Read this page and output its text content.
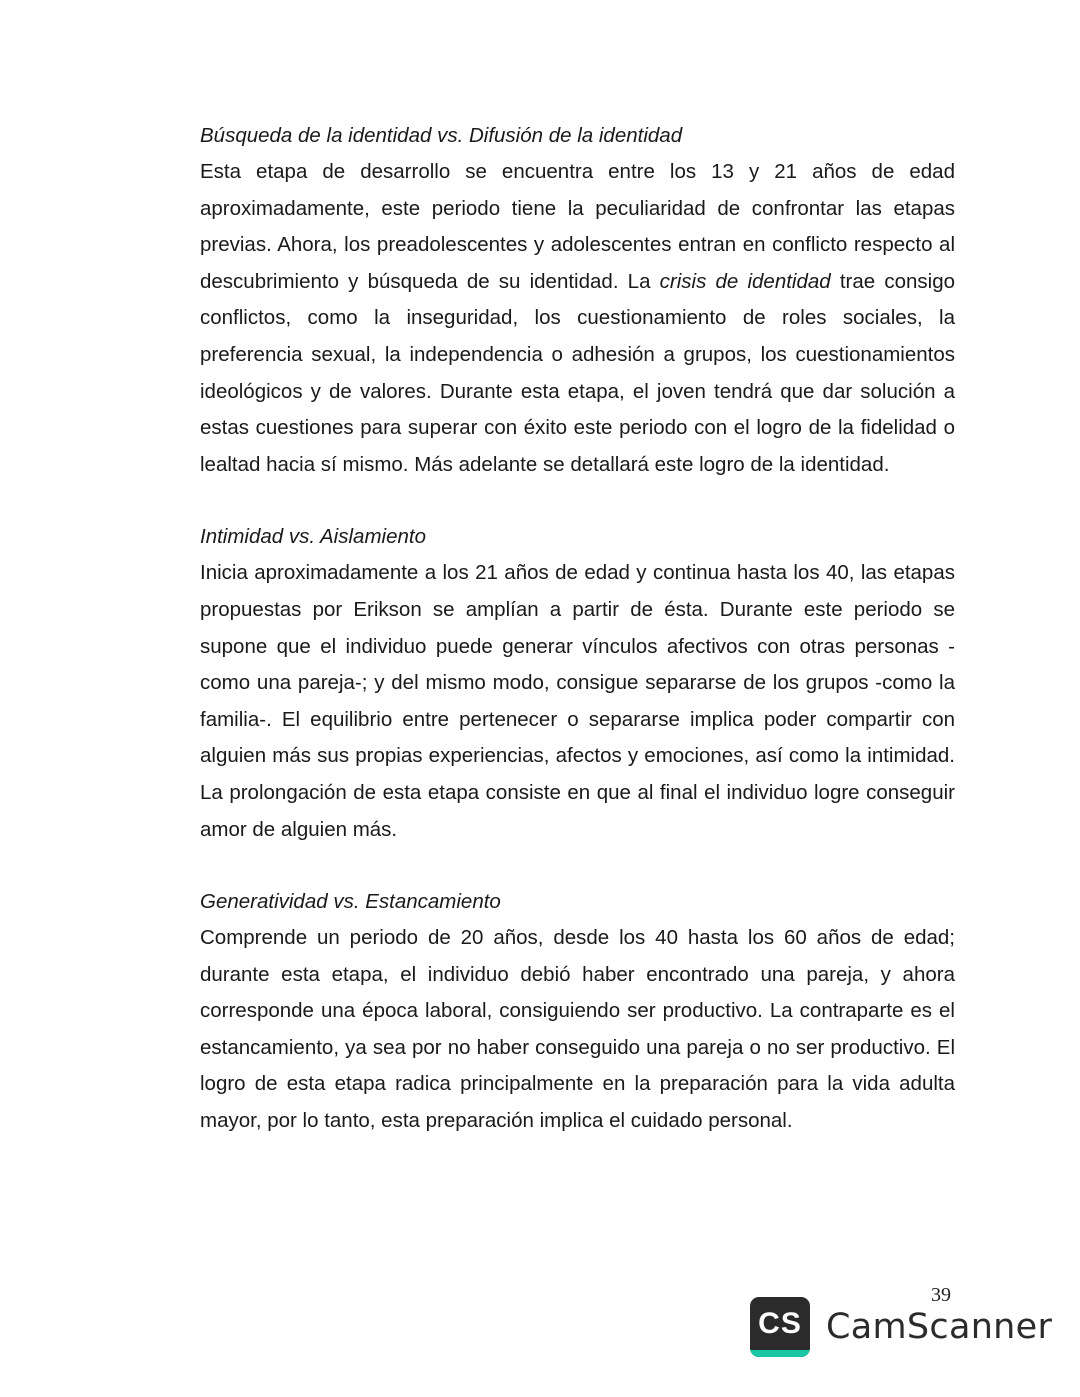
Búsqueda de la identidad vs. Difusión de la identidad

Esta etapa de desarrollo se encuentra entre los 13 y 21 años de edad aproximadamente, este periodo tiene la peculiaridad de confrontar las etapas previas. Ahora, los preadolescentes y adolescentes entran en conflicto respecto al descubrimiento y búsqueda de su identidad. La crisis de identidad trae consigo conflictos, como la inseguridad, los cuestionamiento de roles sociales, la preferencia sexual, la independencia o adhesión a grupos, los cuestionamientos ideológicos y de valores. Durante esta etapa, el joven tendrá que dar solución a estas cuestiones para superar con éxito este periodo con el logro de la fidelidad o lealtad hacia sí mismo. Más adelante se detallará este logro de la identidad.

Intimidad vs. Aislamiento

Inicia aproximadamente a los 21 años de edad y continua hasta los 40, las etapas propuestas por Erikson se amplían a partir de ésta. Durante este periodo se supone que el individuo puede generar vínculos afectivos con otras personas -como una pareja-; y del mismo modo, consigue separarse de los grupos -como la familia-. El equilibrio entre pertenecer o separarse implica poder compartir con alguien más sus propias experiencias, afectos y emociones, así como la intimidad. La prolongación de esta etapa consiste en que al final el individuo logre conseguir amor de alguien más.

Generatividad vs. Estancamiento

Comprende un periodo de 20 años, desde los 40 hasta los 60 años de edad; durante esta etapa, el individuo debió haber encontrado una pareja, y ahora corresponde una época laboral, consiguiendo ser productivo. La contraparte es el estancamiento, ya sea por no haber conseguido una pareja o no ser productivo. El logro de esta etapa radica principalmente en la preparación para la vida adulta mayor, por lo tanto, esta preparación implica el cuidado personal.

39
CS CamScanner
